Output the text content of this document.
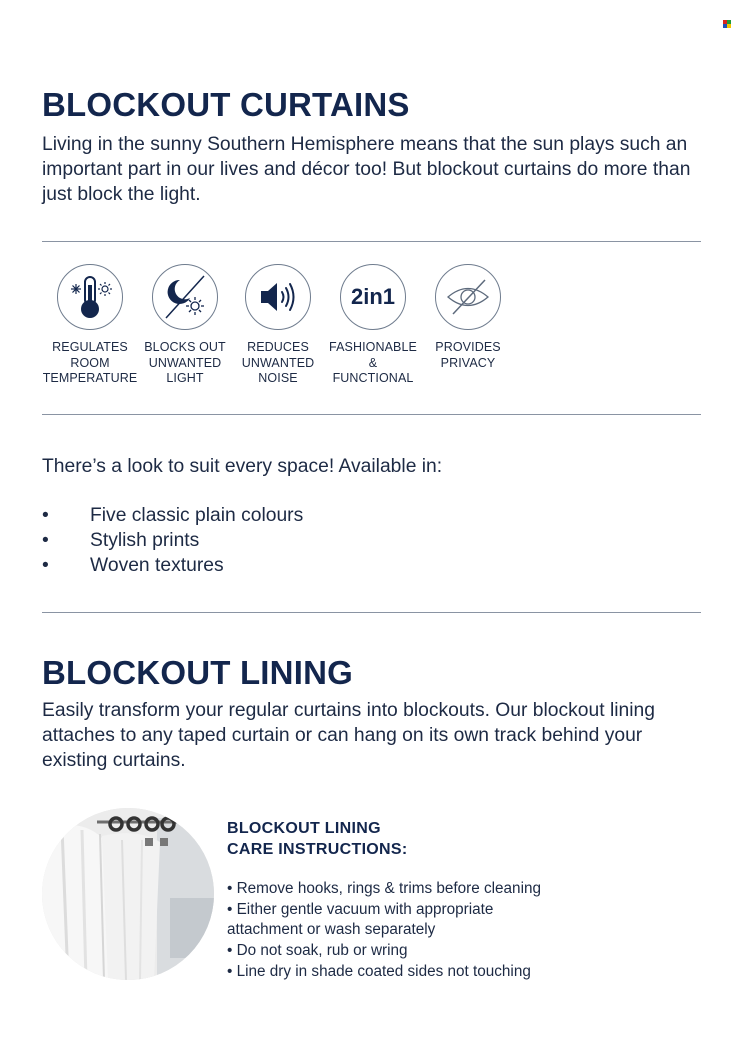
BLOCKOUT CURTAINS

Living in the sunny Southern Hemisphere means that the sun plays such an important part in our lives and décor too! But blockout curtains do more than just block the light.

REGULATES
ROOM
TEMPERATURE
BLOCKS OUT
UNWANTED
LIGHT
REDUCES
UNWANTED
NOISE
2in1
FASHIONABLE
&
FUNCTIONAL
PROVIDES
PRIVACY

There’s a look to suit every space! Available in:

• Five classic plain colours
• Stylish prints
• Woven textures
BLOCKOUT LINING

Easily transform your regular curtains into blockouts. Our blockout lining attaches to any taped curtain or can hang on its own track behind your existing curtains.

BLOCKOUT LINING
CARE INSTRUCTIONS:
• Remove hooks, rings & trims before cleaning
• Either gentle vacuum with appropriate
attachment or wash separately
• Do not soak, rub or wring
• Line dry in shade coated sides not touching
